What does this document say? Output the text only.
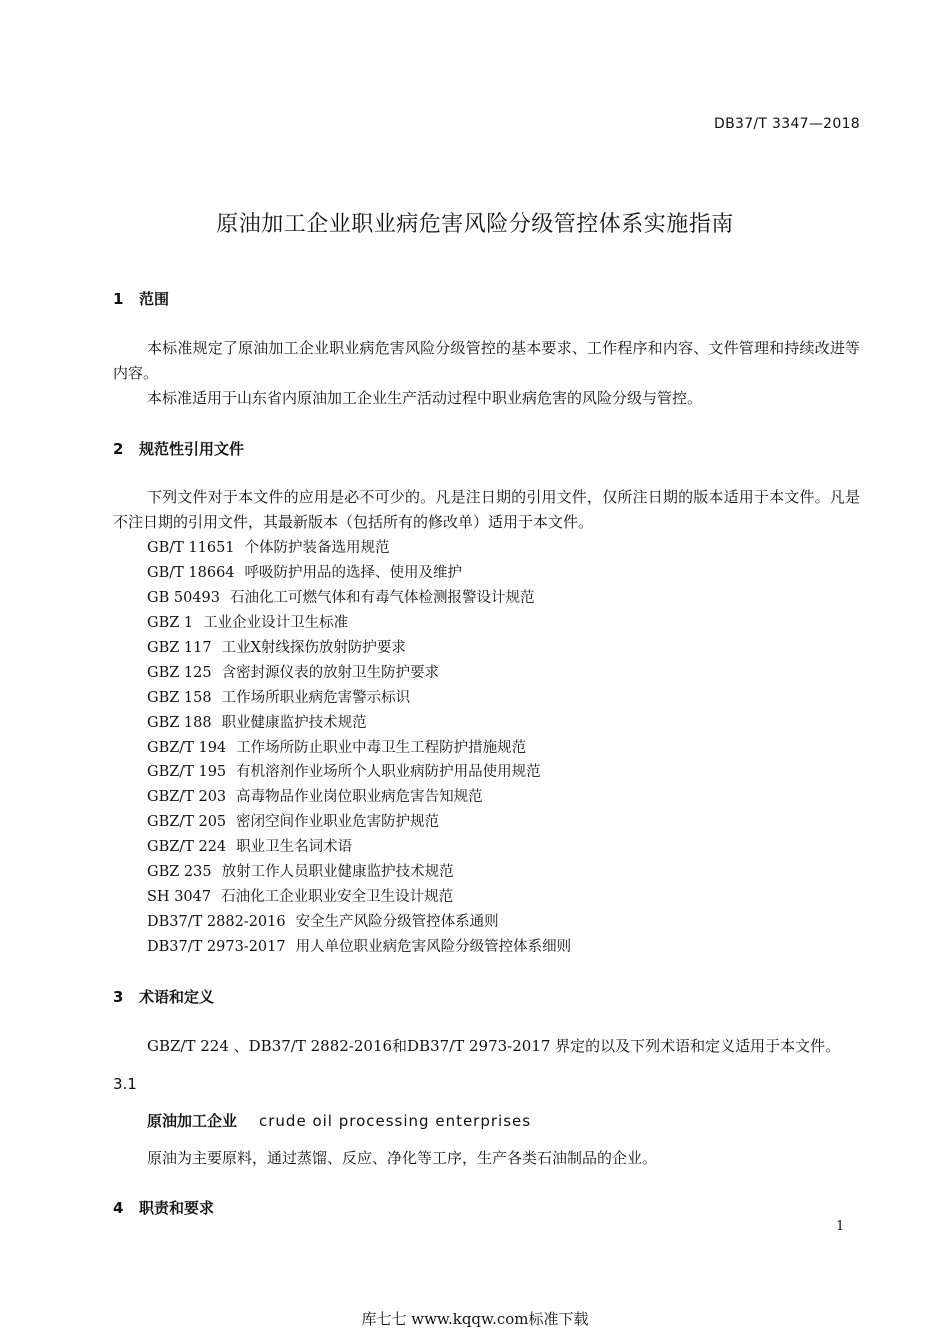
DB37/T 3347—2018
原油加工企业职业病危害风险分级管控体系实施指南
1 范围
本标准规定了原油加工企业职业病危害风险分级管控的基本要求、工作程序和内容、文件管理和持续改进等内容。
本标准适用于山东省内原油加工企业生产活动过程中职业病危害的风险分级与管控。
2 规范性引用文件
下列文件对于本文件的应用是必不可少的。凡是注日期的引用文件，仅所注日期的版本适用于本文件。凡是不注日期的引用文件，其最新版本（包括所有的修改单）适用于本文件。
GB/T 11651 个体防护装备选用规范
GB/T 18664 呼吸防护用品的选择、使用及维护
GB 50493 石油化工可燃气体和有毒气体检测报警设计规范
GBZ 1 工业企业设计卫生标准
GBZ 117 工业X射线探伤放射防护要求
GBZ 125 含密封源仪表的放射卫生防护要求
GBZ 158 工作场所职业病危害警示标识
GBZ 188 职业健康监护技术规范
GBZ/T 194 工作场所防止职业中毒卫生工程防护措施规范
GBZ/T 195 有机溶剂作业场所个人职业病防护用品使用规范
GBZ/T 203 高毒物品作业岗位职业病危害告知规范
GBZ/T 205 密闭空间作业职业危害防护规范
GBZ/T 224 职业卫生名词术语
GBZ 235 放射工作人员职业健康监护技术规范
SH 3047 石油化工企业职业安全卫生设计规范
DB37/T 2882-2016 安全生产风险分级管控体系通则
DB37/T 2973-2017 用人单位职业病危害风险分级管控体系细则
3 术语和定义
GBZ/T 224 、DB37/T 2882-2016和DB37/T 2973-2017 界定的以及下列术语和定义适用于本文件。
3.1
原油加工企业 crude oil processing enterprises
原油为主要原料，通过蒸馏、反应、净化等工序，生产各类石油制品的企业。
4 职责和要求
1
库七七 www.kqqw.com标准下载
